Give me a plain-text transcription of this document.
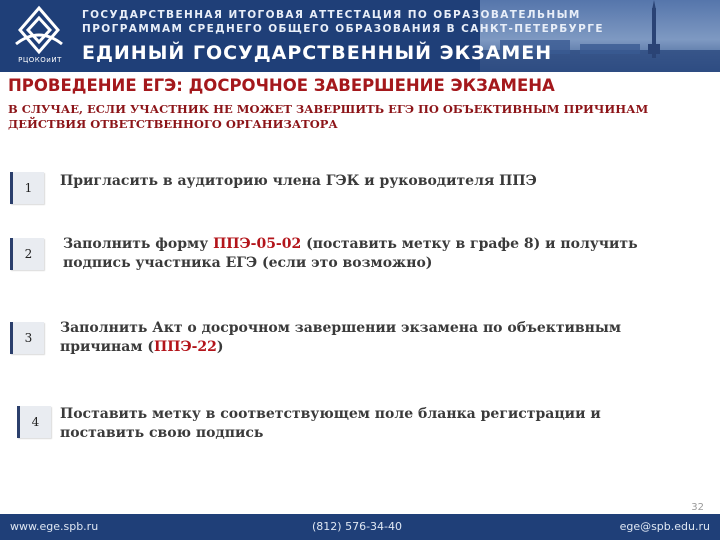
РЦОКОиИТ
ГОСУДАРСТВЕННАЯ ИТОГОВАЯ АТТЕСТАЦИЯ ПО ОБРАЗОВАТЕЛЬНЫМ
ПРОГРАММАМ СРЕДНЕГО ОБЩЕГО ОБРАЗОВАНИЯ В САНКТ-ПЕТЕРБУРГЕ
ЕДИНЫЙ ГОСУДАРСТВЕННЫЙ ЭКЗАМЕН
ПРОВЕДЕНИЕ ЕГЭ: ДОСРОЧНОЕ ЗАВЕРШЕНИЕ ЭКЗАМЕНА
В СЛУЧАЕ, ЕСЛИ УЧАСТНИК НЕ МОЖЕТ ЗАВЕРШИТЬ ЕГЭ ПО ОБЪЕКТИВНЫМ ПРИЧИНАМ
ДЕЙСТВИЯ ОТВЕТСТВЕННОГО ОРГАНИЗАТОРА
1	Пригласить в аудиторию члена ГЭК и руководителя ППЭ
2
Заполнить форму ППЭ-05-02 (поставить метку в графе 8) и получить подпись участника ЕГЭ (если это возможно)
3
Заполнить Акт о досрочном завершении экзамена по объективным причинам (ППЭ-22)
4	Поставить метку в соответствующем поле бланка регистрации и поставить свою подпись
32
www.ege.spb.ru	(812) 576-34-40	ege@spb.edu.ru
